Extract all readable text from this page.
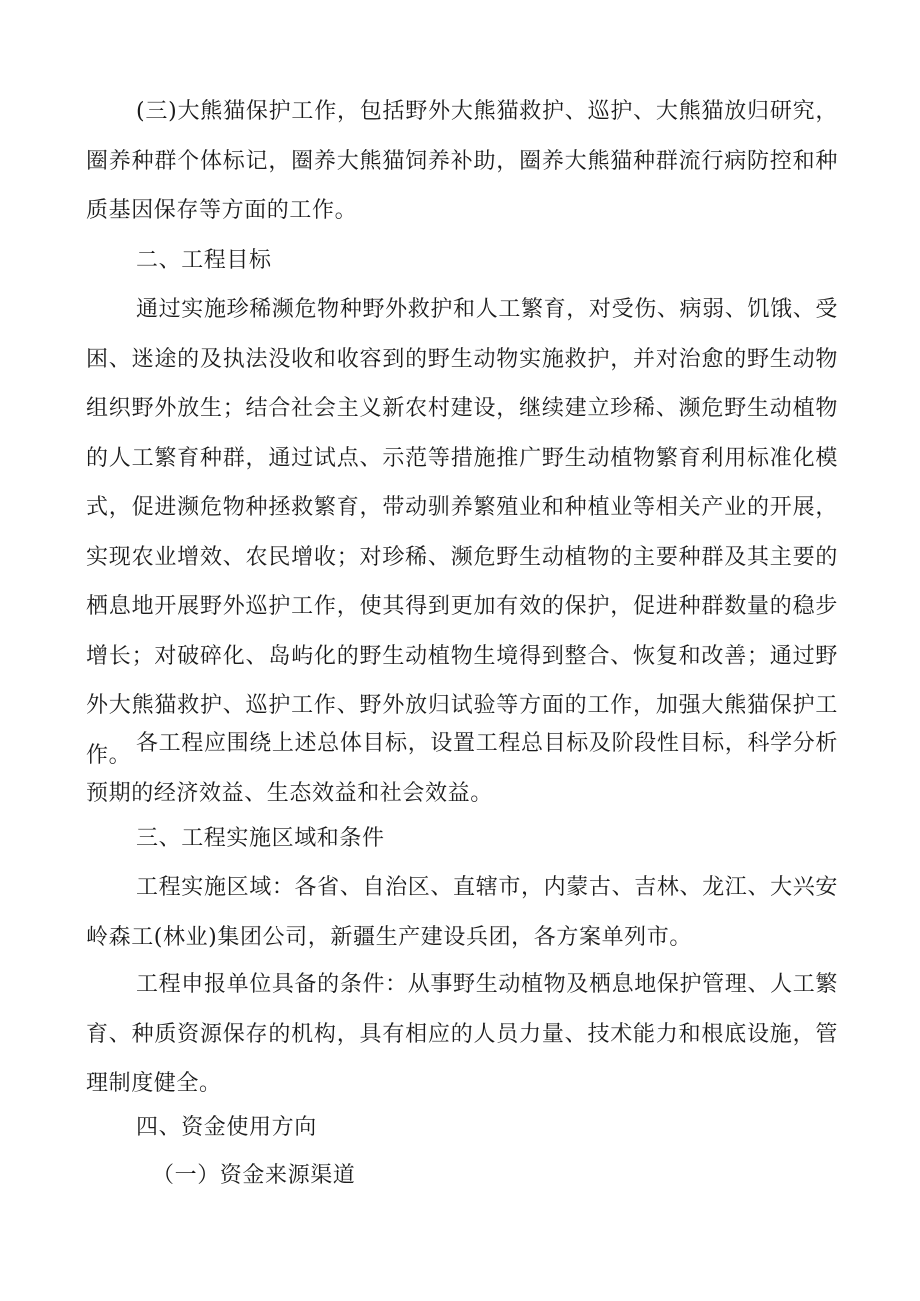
(三)大熊猫保护工作，包括野外大熊猫救护、巡护、大熊猫放归研究，圈养种群个体标记，圈养大熊猫饲养补助，圈养大熊猫种群流行病防控和种质基因保存等方面的工作。

二、工程目标

通过实施珍稀濒危物种野外救护和人工繁育，对受伤、病弱、饥饿、受困、迷途的及执法没收和收容到的野生动物实施救护，并对治愈的野生动物组织野外放生；结合社会主义新农村建设，继续建立珍稀、濒危野生动植物的人工繁育种群，通过试点、示范等措施推广野生动植物繁育利用标准化模式，促进濒危物种拯救繁育，带动驯养繁殖业和种植业等相关产业的开展，实现农业增效、农民增收；对珍稀、濒危野生动植物的主要种群及其主要的栖息地开展野外巡护工作，使其得到更加有效的保护，促进种群数量的稳步增长；对破碎化、岛屿化的野生动植物生境得到整合、恢复和改善；通过野外大熊猫救护、巡护工作、野外放归试验等方面的工作，加强大熊猫保护工作。 各工程应围绕上述总体目标，设置工程总目标及阶段性目标，科学分析预期的经济效益、生态效益和社会效益。

三、工程实施区域和条件

工程实施区域：各省、自治区、直辖市，内蒙古、吉林、龙江、大兴安岭森工(林业)集团公司，新疆生产建设兵团，各方案单列市。

工程申报单位具备的条件：从事野生动植物及栖息地保护管理、人工繁育、种质资源保存的机构，具有相应的人员力量、技术能力和根底设施，管理制度健全。

四、资金使用方向

（一）资金来源渠道
